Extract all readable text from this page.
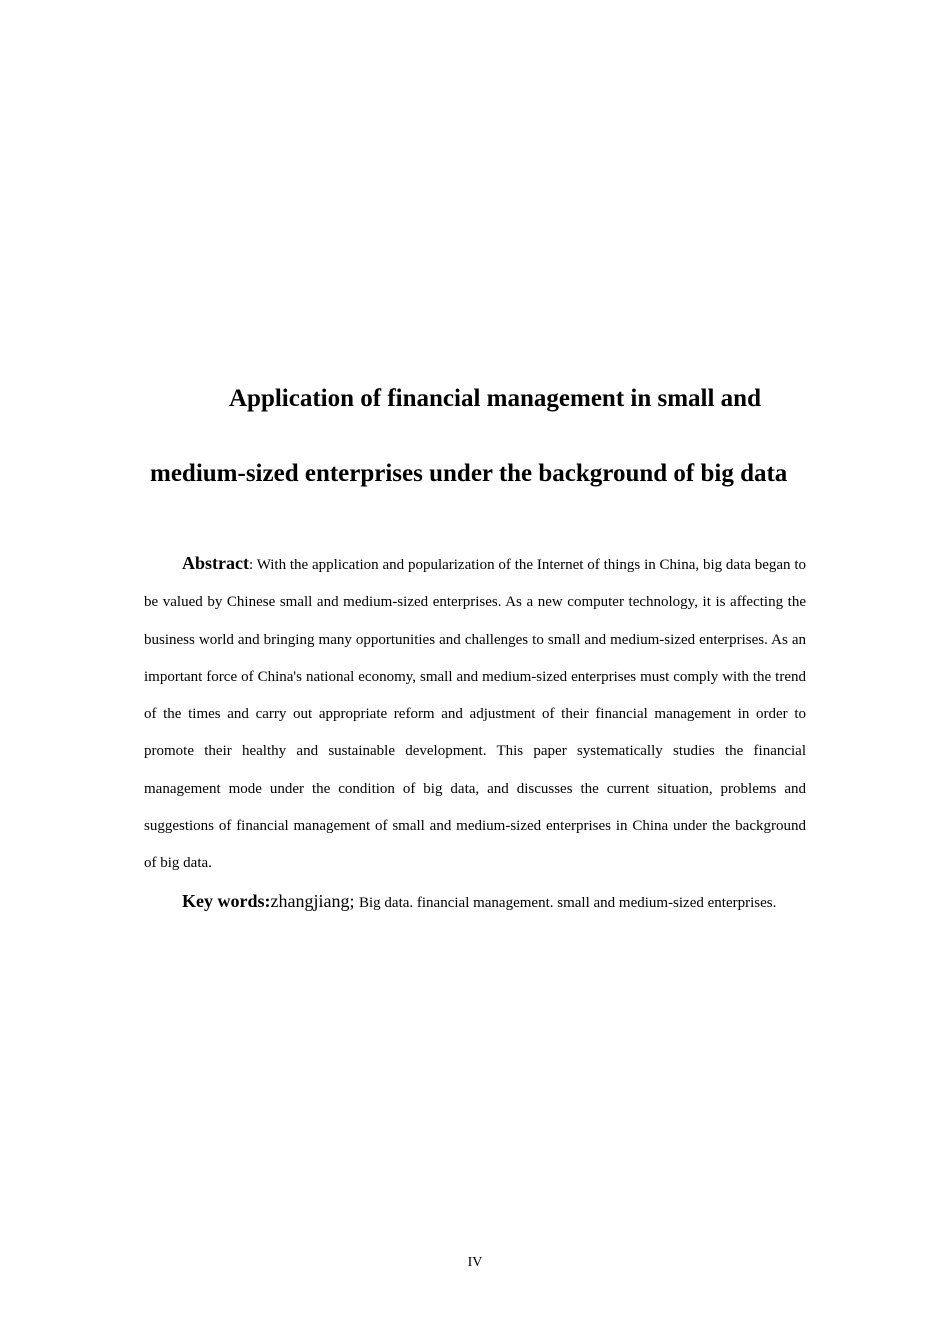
Application of financial management in small and
medium-sized enterprises under the background of big data

Abstract: With the application and popularization of the Internet of things in China, big data began to be valued by Chinese small and medium-sized enterprises. As a new computer technology, it is affecting the business world and bringing many opportunities and challenges to small and medium-sized enterprises. As an important force of China's national economy, small and medium-sized enterprises must comply with the trend of the times and carry out appropriate reform and adjustment of their financial management in order to promote their healthy and sustainable development. This paper systematically studies the financial management mode under the condition of big data, and discusses the current situation, problems and suggestions of financial management of small and medium-sized enterprises in China under the background of big data.

Key words:zhangjiang; Big data. financial management. small and medium-sized enterprises.

IV
